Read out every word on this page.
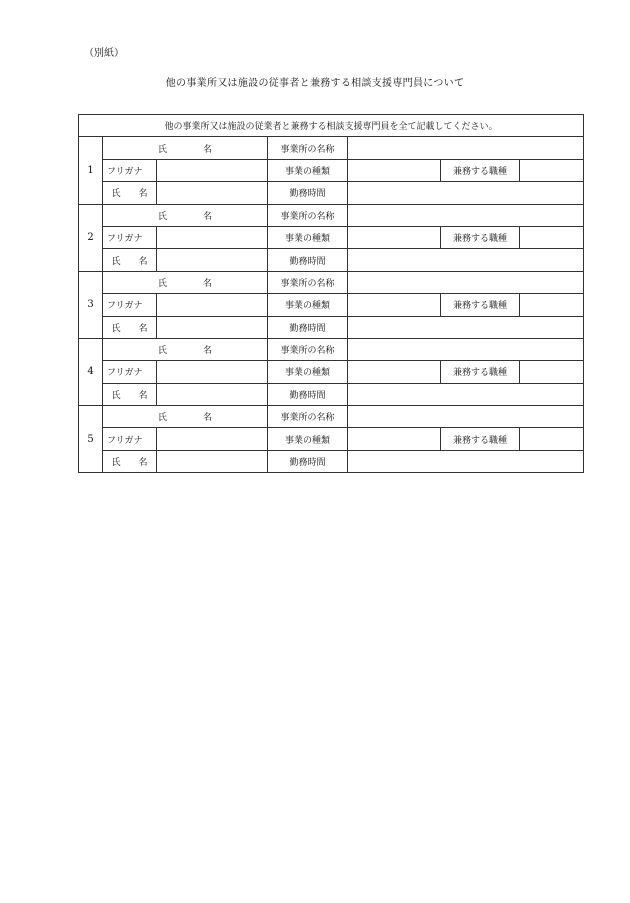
（別紙）
他の事業所又は施設の従事者と兼務する相談支援専門員について
他の事業所又は施設の従業者と兼務する相談支援専門員を全て記載してください。						
1	氏　　　　名		事業所の名称			
	フリガナ		事業の種類		兼務する職種	
	氏　　名		勤務時間			
2	氏　　　　名		事業所の名称			
	フリガナ		事業の種類		兼務する職種	
	氏　　名		勤務時間			
3	氏　　　　名		事業所の名称			
	フリガナ		事業の種類		兼務する職種	
	氏　　名		勤務時間			
4	氏　　　　名		事業所の名称			
	フリガナ		事業の種類		兼務する職種	
	氏　　名		勤務時間			
5	氏　　　　名		事業所の名称			
	フリガナ		事業の種類		兼務する職種	
	氏　　名		勤務時間			
